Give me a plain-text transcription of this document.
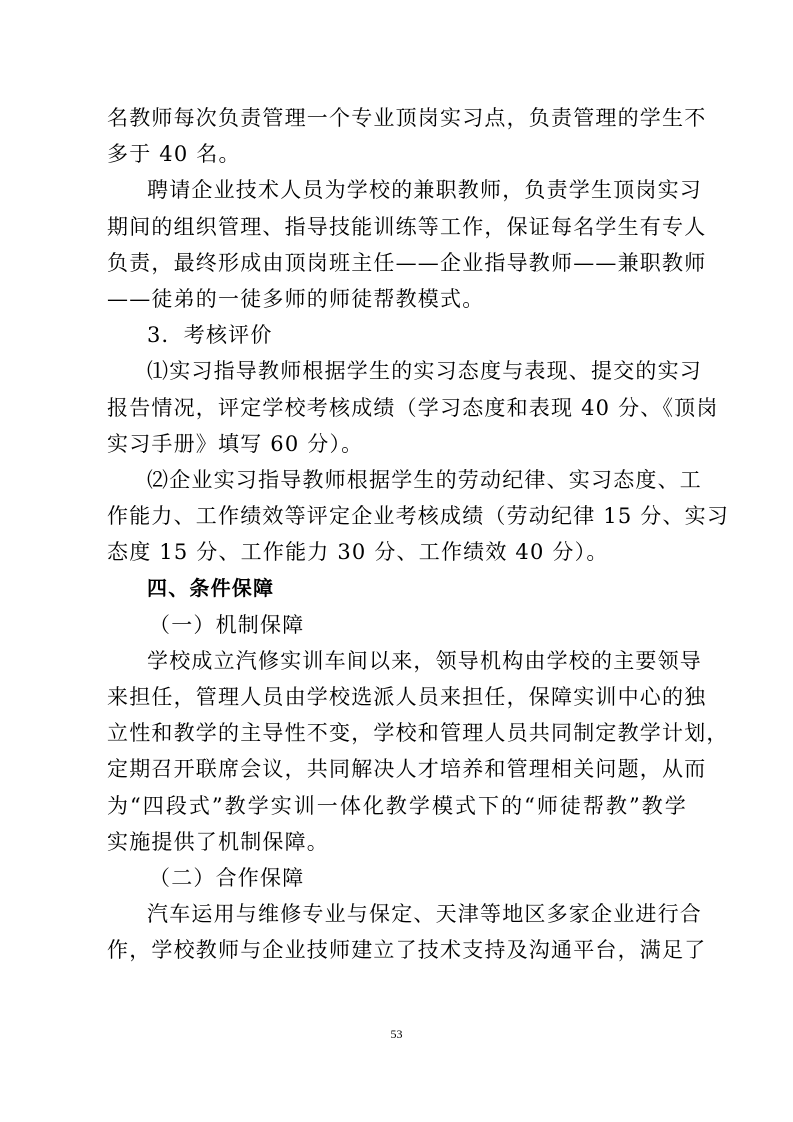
名教师每次负责管理一个专业顶岗实习点，负责管理的学生不
多于 40 名。
聘请企业技术人员为学校的兼职教师，负责学生顶岗实习
期间的组织管理、指导技能训练等工作，保证每名学生有专人
负责，最终形成由顶岗班主任——企业指导教师——兼职教师
——徒弟的一徒多师的师徒帮教模式。
3．考核评价
⑴实习指导教师根据学生的实习态度与表现、提交的实习
报告情况，评定学校考核成绩（学习态度和表现 40 分、《顶岗
实习手册》填写 60 分）。
⑵企业实习指导教师根据学生的劳动纪律、实习态度、工
作能力、工作绩效等评定企业考核成绩（劳动纪律 15 分、实习
态度 15 分、工作能力 30 分、工作绩效 40 分）。
四、条件保障
（一）机制保障
学校成立汽修实训车间以来，领导机构由学校的主要领导
来担任，管理人员由学校选派人员来担任，保障实训中心的独
立性和教学的主导性不变，学校和管理人员共同制定教学计划，
定期召开联席会议，共同解决人才培养和管理相关问题，从而
为“四段式”教学实训一体化教学模式下的“师徒帮教”教学
实施提供了机制保障。
（二）合作保障
汽车运用与维修专业与保定、天津等地区多家企业进行合
作，学校教师与企业技师建立了技术支持及沟通平台，满足了
53
